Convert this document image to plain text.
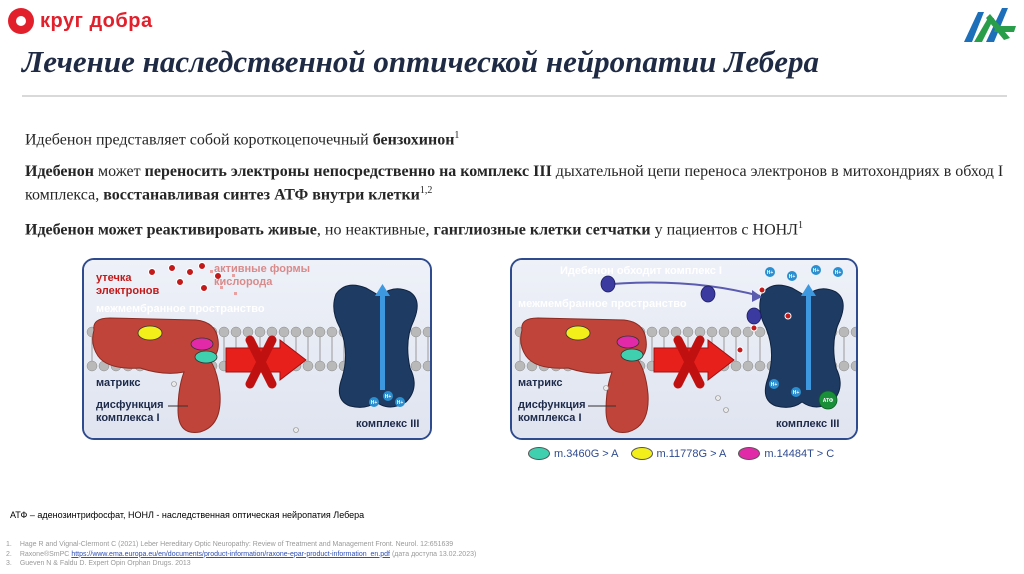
круг добра
Лечение наследственной оптической нейропатии Лебера

Идебенон представляет собой короткоцепочечный бензохинон$^1$

Идебенон может переносить электроны непосредственно на комплекс III дыхательной цепи переноса электронов в митохондриях в обход I комплекса, восстанавливая синтез АТФ внутри клетки$^{1,2}$

Идебенон может реактивировать живые, но неактивные, ганглиозные клетки сетчатки у пациентов с НОНЛ$^1$

H+
H+
H+
утечка
электронов
активные формы
кислорода
межмембранное пространство
матрикс
дисфункция
комплекса I	комплекс III
H+
H+
H+	H+
H+
H+
АТФ
Идебенон обходит комплекс I
межмембранное пространство
матрикс
дисфункция
комплекса I	комплекс III
m.3460G > A	m.11778G > A	m.14484T > C
АТФ – аденозинтрифосфат, НОНЛ - наследственная оптическая нейропатия Лебера
1. Hage R and Vignal-Clermont C (2021) Leber Hereditary Optic Neuropathy: Review of Treatment and Management Front. Neurol. 12:651639
2. Raxone®SmPC https://www.ema.europa.eu/en/documents/product-information/raxone-epar-product-information_en.pdf (дата доступа 13.02.2023)
3. Gueven N & Faldu D. Expert Opin Orphan Drugs. 2013
